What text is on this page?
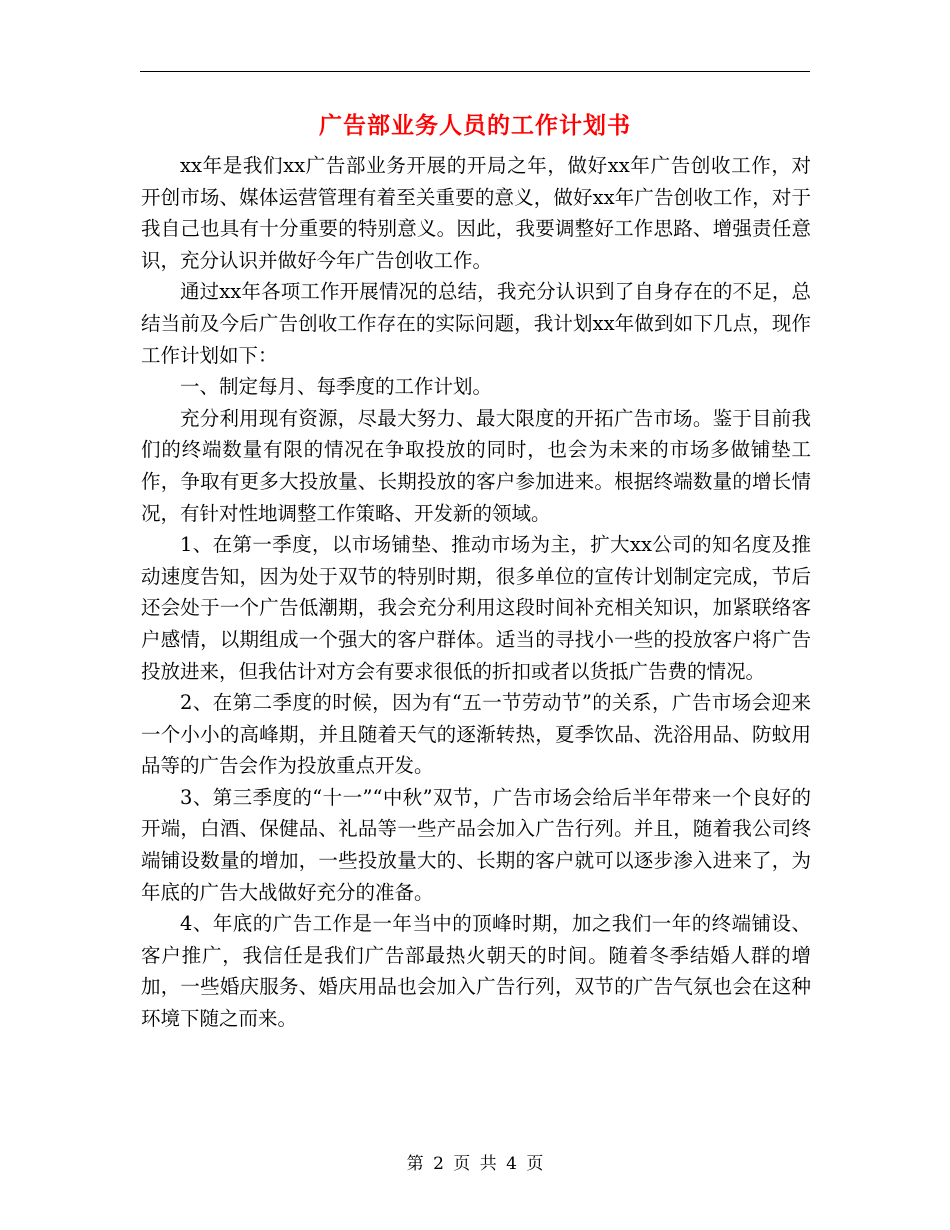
广告部业务人员的工作计划书

xx年是我们xx广告部业务开展的开局之年，做好xx年广告创收工作，对开创市场、媒体运营管理有着至关重要的意义，做好xx年广告创收工作，对于我自己也具有十分重要的特别意义。因此，我要调整好工作思路、增强责任意识，充分认识并做好今年广告创收工作。

通过xx年各项工作开展情况的总结，我充分认识到了自身存在的不足，总结当前及今后广告创收工作存在的实际问题，我计划xx年做到如下几点，现作工作计划如下：

一、制定每月、每季度的工作计划。

充分利用现有资源，尽最大努力、最大限度的开拓广告市场。鉴于目前我们的终端数量有限的情况在争取投放的同时，也会为未来的市场多做铺垫工作，争取有更多大投放量、长期投放的客户参加进来。根据终端数量的增长情况，有针对性地调整工作策略、开发新的领域。

1、在第一季度，以市场铺垫、推动市场为主，扩大xx公司的知名度及推动速度告知，因为处于双节的特别时期，很多单位的宣传计划制定完成，节后还会处于一个广告低潮期，我会充分利用这段时间补充相关知识，加紧联络客户感情，以期组成一个强大的客户群体。适当的寻找小一些的投放客户将广告投放进来，但我估计对方会有要求很低的折扣或者以货抵广告费的情况。

2、在第二季度的时候，因为有“五一节劳动节”的关系，广告市场会迎来一个小小的高峰期，并且随着天气的逐渐转热，夏季饮品、洗浴用品、防蚊用品等的广告会作为投放重点开发。

3、第三季度的“十一”“中秋”双节，广告市场会给后半年带来一个良好的开端，白酒、保健品、礼品等一些产品会加入广告行列。并且，随着我公司终端铺设数量的增加，一些投放量大的、长期的客户就可以逐步渗入进来了，为年底的广告大战做好充分的准备。

4、年底的广告工作是一年当中的顶峰时期，加之我们一年的终端铺设、客户推广，我信任是我们广告部最热火朝天的时间。随着冬季结婚人群的增加，一些婚庆服务、婚庆用品也会加入广告行列，双节的广告气氛也会在这种环境下随之而来。

第 2 页 共 4 页
